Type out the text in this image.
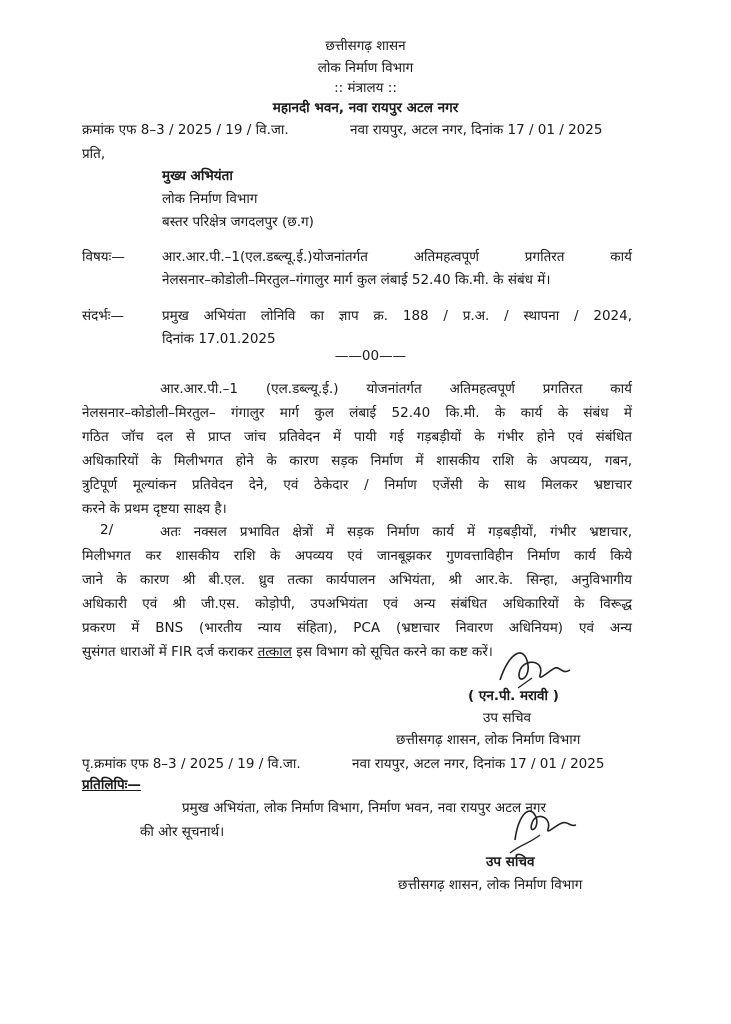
छत्तीसगढ़ शासन
लोक निर्माण विभाग
:: मंत्रालय ::
महानदी भवन, नवा रायपुर अटल नगर
क्रमांक एफ 8–3 / 2025 / 19 / वि.जा.	नवा रायपुर, अटल नगर, दिनांक 17 / 01 / 2025
प्रति,
मुख्य अभियंता
लोक निर्माण विभाग
बस्तर परिक्षेत्र जगदलपुर (छ.ग)
विषयः—	आर.आर.पी.–1(एल.डब्ल्यू.ई.)योजनांतर्गत अतिमहत्वपूर्ण प्रगतिरत कार्य
नेलसनार–कोडोली–मिरतुल–गंगालुर मार्ग कुल लंबाई 52.40 कि.मी. के संबंध में।
संदर्भः—	प्रमुख अभियंता लोनिवि का ज्ञाप क्र. 188 / प्र.अ. / स्थापना / 2024,
दिनांक 17.01.2025
——00——
आर.आर.पी.–1 (एल.डब्ल्यू.ई.) योजनांतर्गत अतिमहत्वपूर्ण प्रगतिरत कार्य
नेलसनार–कोडोली–मिरतुल– गंगालुर मार्ग कुल लंबाई 52.40 कि.मी. के कार्य के संबंध में
गठित जॉच दल से प्राप्त जांच प्रतिवेदन में पायी गई गड़बड़ीयों के गंभीर होने एवं संबंधित
अधिकारियों के मिलीभगत होने के कारण सड़क निर्माण में शासकीय राशि के अपव्यय, गबन,
त्रुटिपूर्ण मूल्यांकन प्रतिवेदन देने, एवं ठेकेदार / निर्माण एजेंसी के साथ मिलकर भ्रष्टाचार
करने के प्रथम दृष्टया साक्ष्य है।
2/	अतः नक्सल प्रभावित क्षेत्रों में सड़क निर्माण कार्य में गड़बड़ीयों, गंभीर भ्रष्टाचार,
मिलीभगत कर शासकीय राशि के अपव्यय एवं जानबूझकर गुणवत्ताविहीन निर्माण कार्य किये
जाने के कारण श्री बी.एल. ध्रुव तत्का कार्यपालन अभियंता, श्री आर.के. सिन्हा, अनुविभागीय
अधिकारी एवं श्री जी.एस. कोड़ोपी, उपअभियंता एवं अन्य संबंधित अधिकारियों के विरूद्ध
प्रकरण में BNS (भारतीय न्याय संहिता), PCA (भ्रष्टाचार निवारण अधिनियम) एवं अन्य
सुसंगत धाराओं में FIR दर्ज कराकर तत्काल इस विभाग को सूचित करने का कष्ट करें।
( एन.पी. मरावी )
उप सचिव
छत्तीसगढ़ शासन, लोक निर्माण विभाग
पृ.क्रमांक एफ 8–3 / 2025 / 19 / वि.जा.	नवा रायपुर, अटल नगर, दिनांक 17 / 01 / 2025
प्रतिलिपिः—
प्रमुख अभियंता, लोक निर्माण विभाग, निर्माण भवन, नवा रायपुर अटल नगर
की ओर सूचनार्थ।
उप सचिव
छत्तीसगढ़ शासन, लोक निर्माण विभाग
